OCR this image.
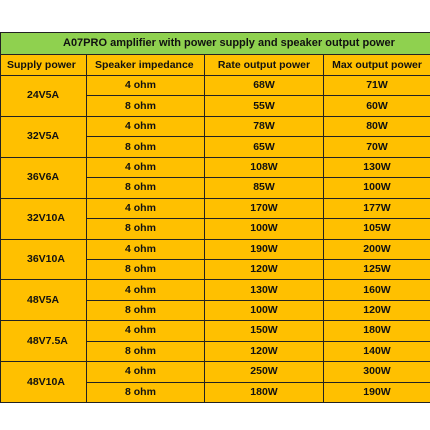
A07PRO amplifier with power supply and speaker output power			
Supply power	Speaker impedance	Rate output power	Max output power
24V5A	4 ohm	68W	71W
	8 ohm	55W	60W
32V5A	4 ohm	78W	80W
	8 ohm	65W	70W
36V6A	4 ohm	108W	130W
	8 ohm	85W	100W
32V10A	4 ohm	170W	177W
	8 ohm	100W	105W
36V10A	4 ohm	190W	200W
	8 ohm	120W	125W
48V5A	4 ohm	130W	160W
	8 ohm	100W	120W
48V7.5A	4 ohm	150W	180W
	8 ohm	120W	140W
48V10A	4 ohm	250W	300W
	8 ohm	180W	190W
